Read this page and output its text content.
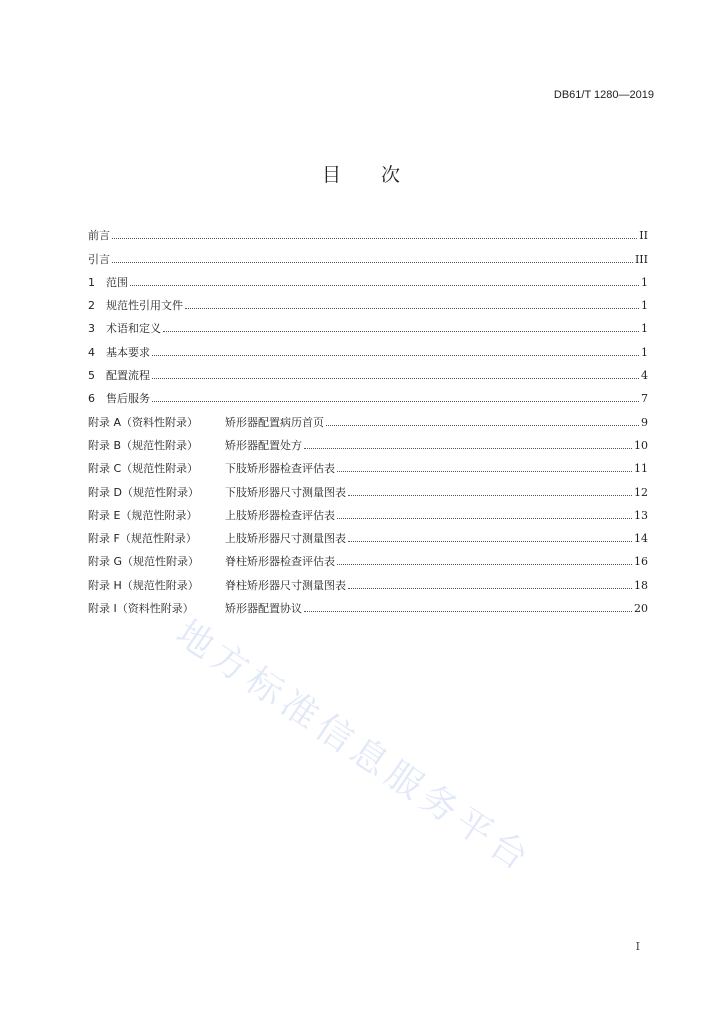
DB61/T 1280—2019
目 次
前言	II
引言	III
1	范围	1
2	规范性引用文件	1
3	术语和定义	1
4	基本要求	1
5	配置流程	4
6	售后服务	7
附录 A（资料性附录）	矫形器配置病历首页	9
附录 B（规范性附录）	矫形器配置处方	10
附录 C（规范性附录）	下肢矫形器检查评估表	11
附录 D（规范性附录）	下肢矫形器尺寸测量图表	12
附录 E（规范性附录）	上肢矫形器检查评估表	13
附录 F（规范性附录）	上肢矫形器尺寸测量图表	14
附录 G（规范性附录）	脊柱矫形器检查评估表	16
附录 H（规范性附录）	脊柱矫形器尺寸测量图表	18
附录 I（资料性附录）	矫形器配置协议	20
地方标准信息服务平台
I
